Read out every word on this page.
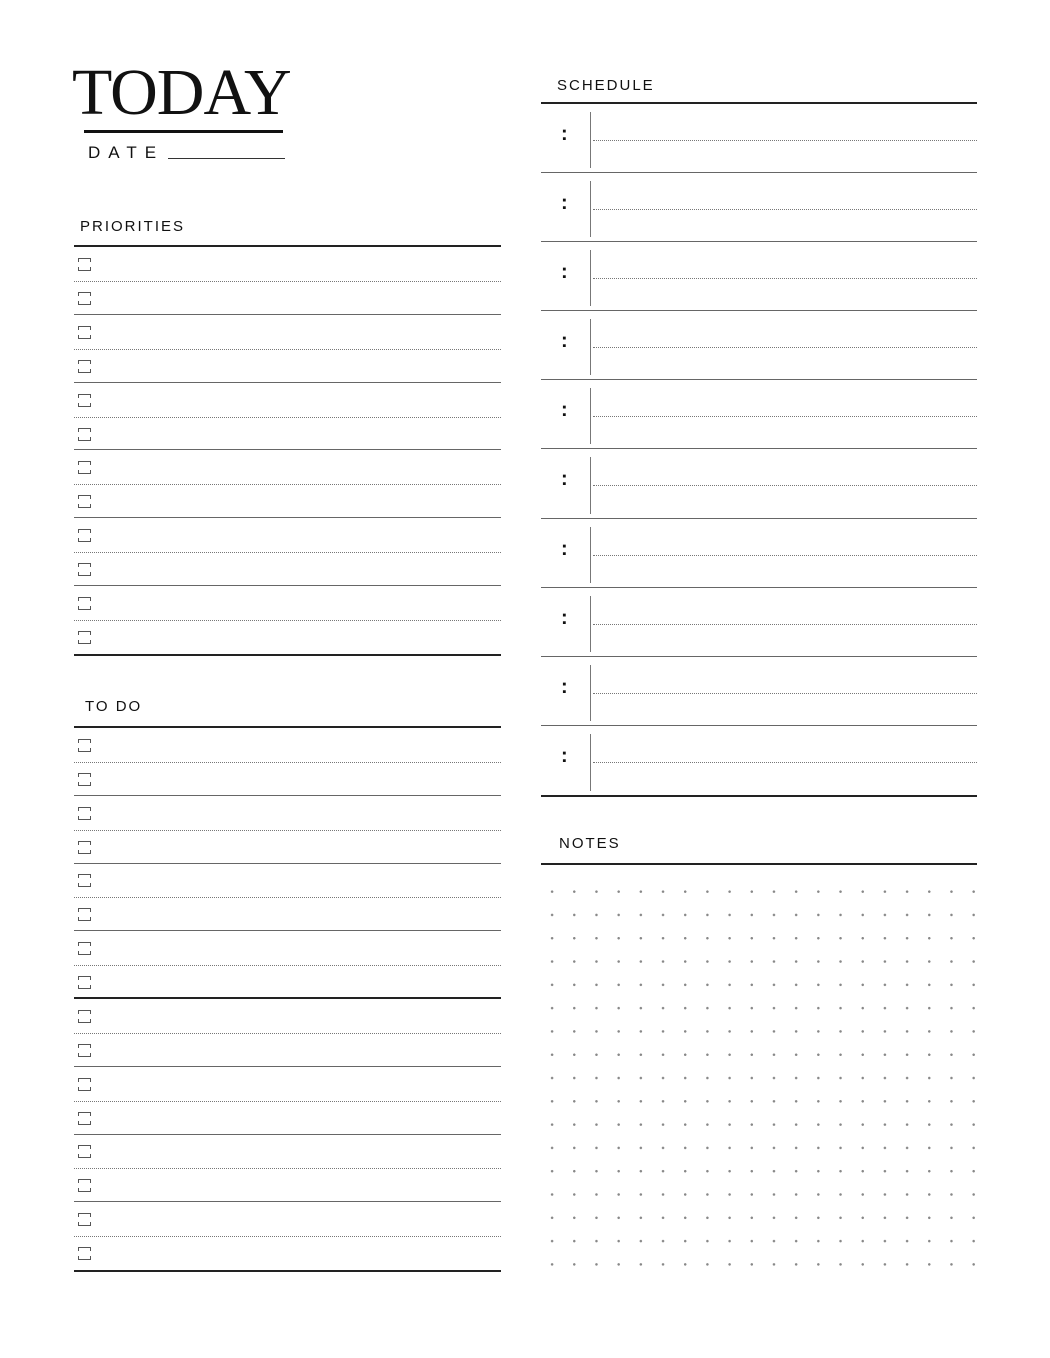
TODAY
DATE
PRIORITIES
TO DO
SCHEDULE
:
:
:
:
:
:
:
:
:
:
NOTES
